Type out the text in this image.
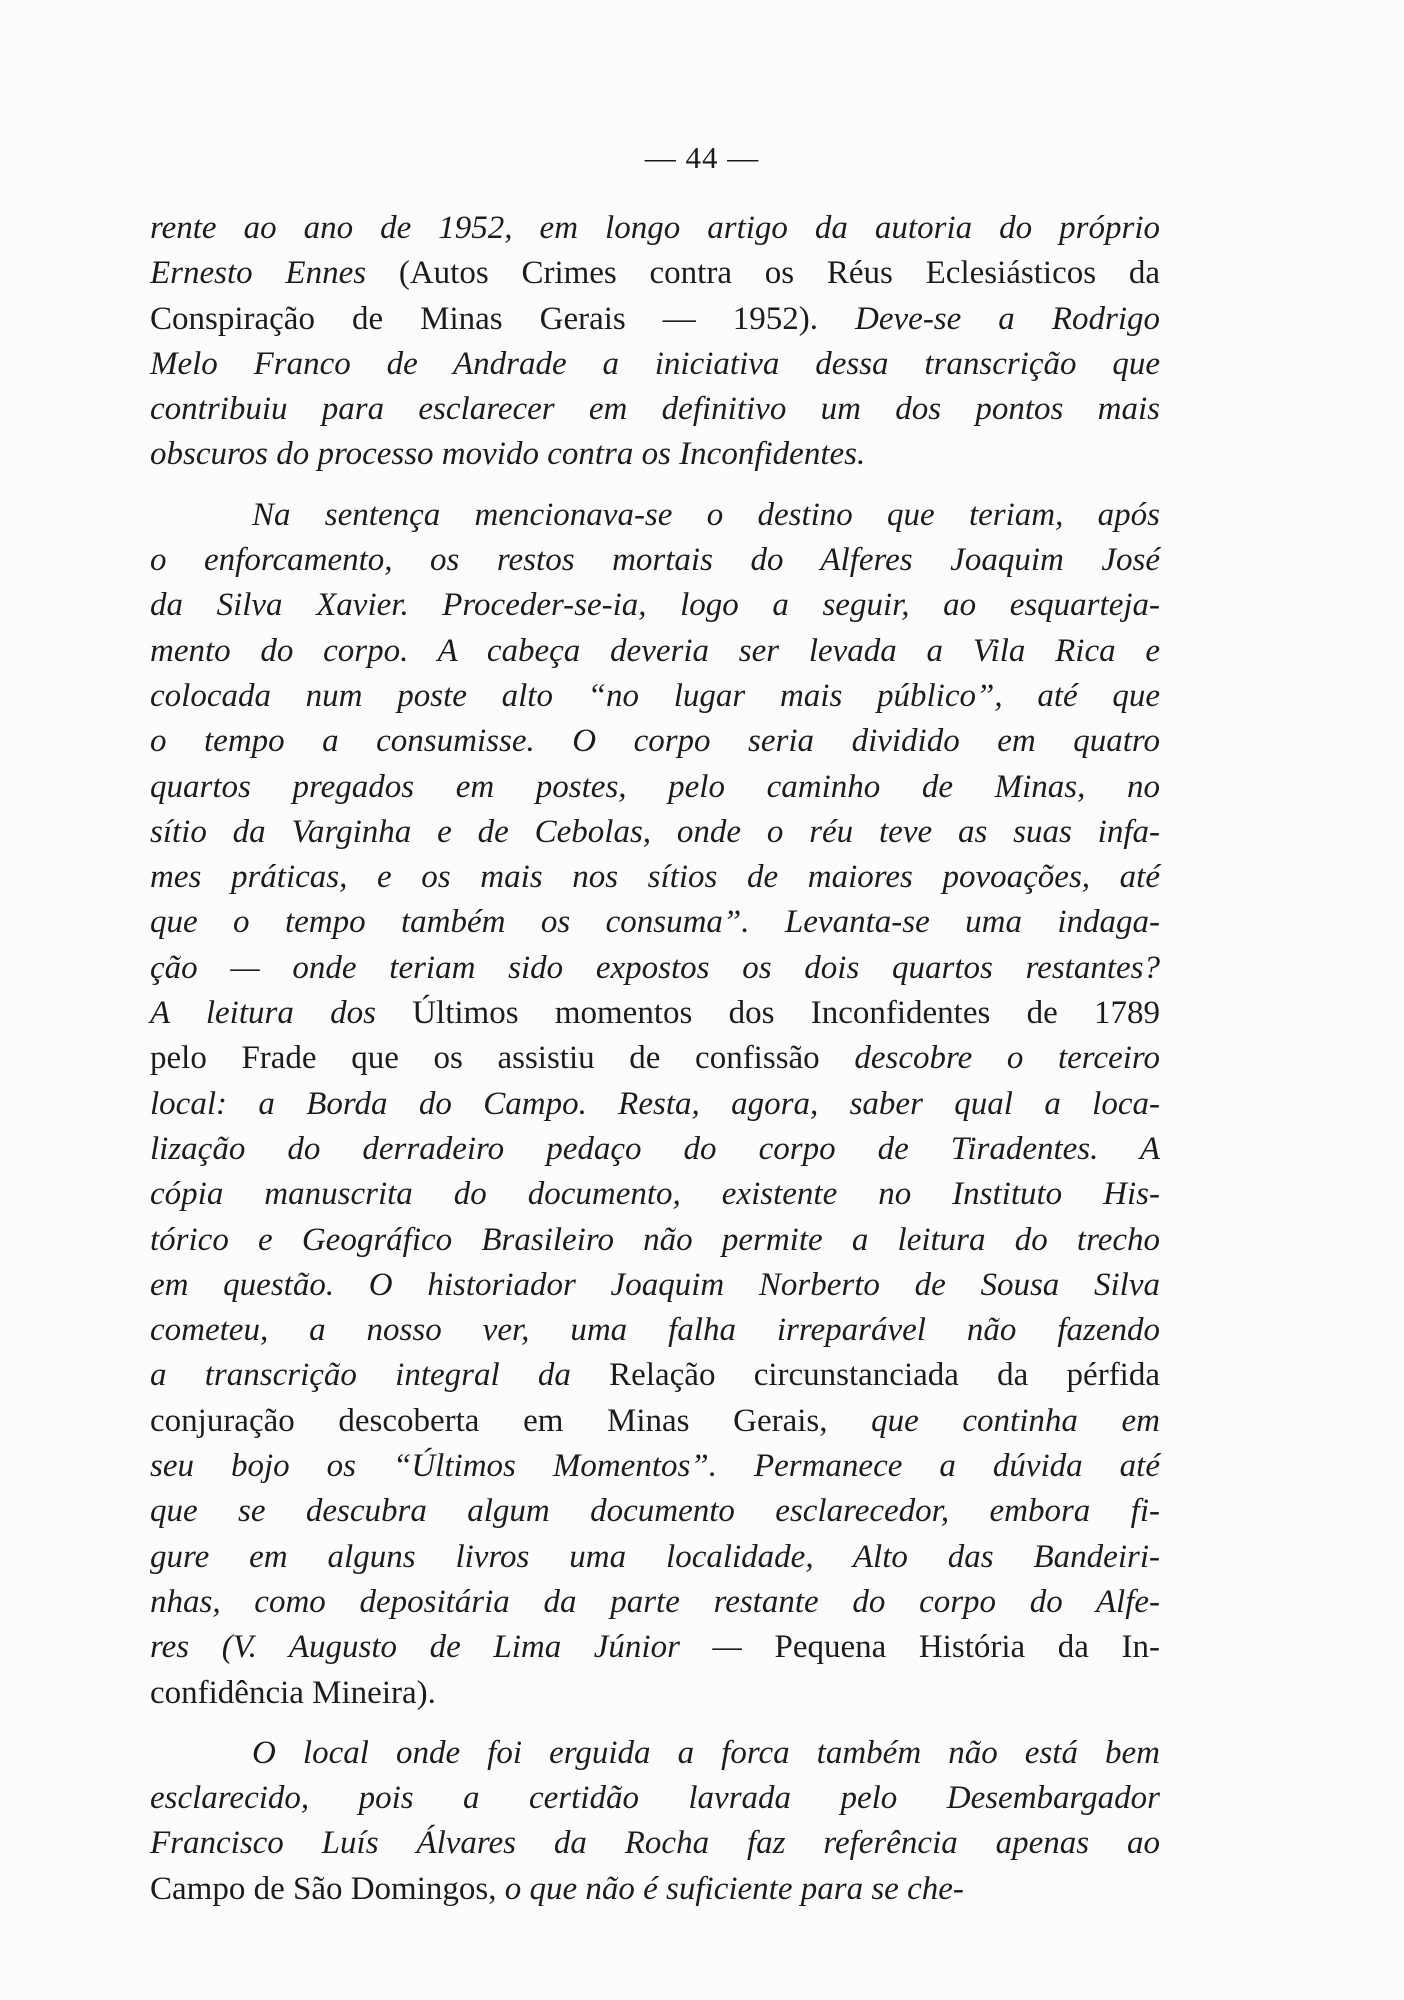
— 44 —
rente ao ano de 1952, em longo artigo da autoria do próprio
Ernesto Ennes (Autos Crimes contra os Réus Eclesiásticos da
Conspiração de Minas Gerais — 1952). Deve-se a Rodrigo
Melo Franco de Andrade a iniciativa dessa transcrição que
contribuiu para esclarecer em definitivo um dos pontos mais
obscuros do processo movido contra os Inconfidentes.
Na sentença mencionava-se o destino que teriam, após
o enforcamento, os restos mortais do Alferes Joaquim José
da Silva Xavier. Proceder-se-ia, logo a seguir, ao esquarteja-
mento do corpo. A cabeça deveria ser levada a Vila Rica e
colocada num poste alto “no lugar mais público”, até que
o tempo a consumisse. O corpo seria dividido em quatro
quartos pregados em postes, pelo caminho de Minas, no
sítio da Varginha e de Cebolas, onde o réu teve as suas infa-
mes práticas, e os mais nos sítios de maiores povoações, até
que o tempo também os consuma”. Levanta-se uma indaga-
ção — onde teriam sido expostos os dois quartos restantes?
A leitura dos Últimos momentos dos Inconfidentes de 1789
pelo Frade que os assistiu de confissão descobre o terceiro
local: a Borda do Campo. Resta, agora, saber qual a loca-
lização do derradeiro pedaço do corpo de Tiradentes. A
cópia manuscrita do documento, existente no Instituto His-
tórico e Geográfico Brasileiro não permite a leitura do trecho
em questão. O historiador Joaquim Norberto de Sousa Silva
cometeu, a nosso ver, uma falha irreparável não fazendo
a transcrição integral da Relação circunstanciada da pérfida
conjuração descoberta em Minas Gerais, que continha em
seu bojo os “Últimos Momentos”. Permanece a dúvida até
que se descubra algum documento esclarecedor, embora fi-
gure em alguns livros uma localidade, Alto das Bandeiri-
nhas, como depositária da parte restante do corpo do Alfe-
res (V. Augusto de Lima Júnior — Pequena História da In-
confidência Mineira).
O local onde foi erguida a forca também não está bem
esclarecido, pois a certidão lavrada pelo Desembargador
Francisco Luís Álvares da Rocha faz referência apenas ao
Campo de São Domingos, o que não é suficiente para se che-
